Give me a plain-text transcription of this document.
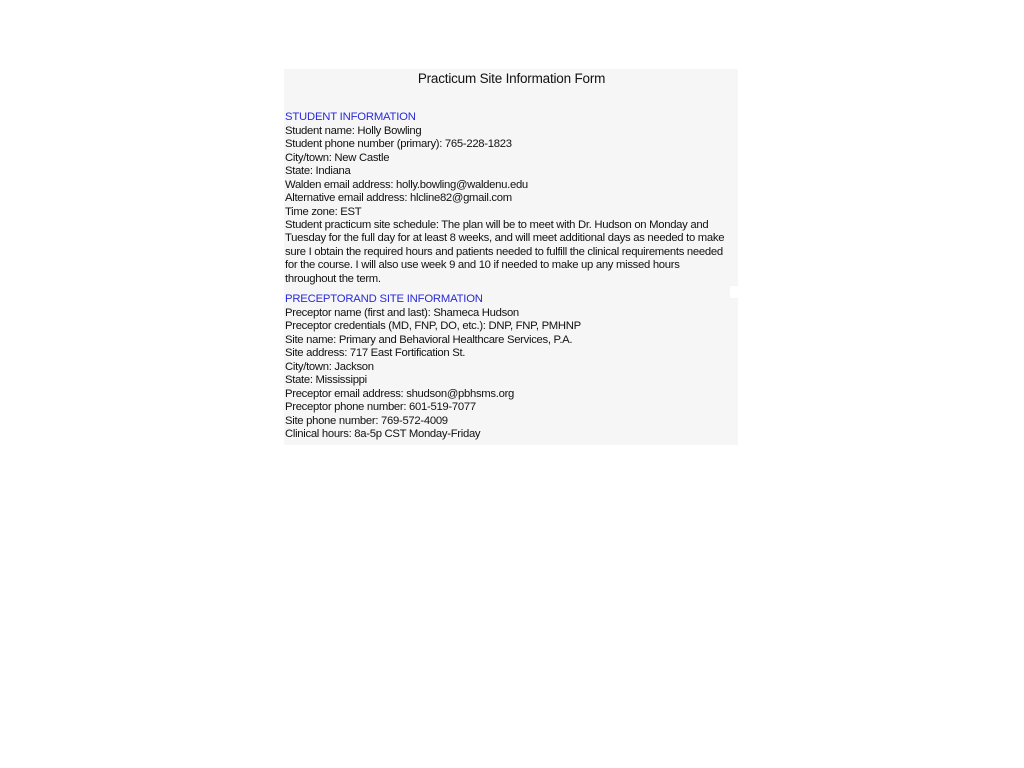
Practicum Site Information Form
STUDENT INFORMATION
Student name: Holly Bowling
Student phone number (primary): 765-228-1823
City/town: New Castle
State: Indiana
Walden email address: holly.bowling@waldenu.edu
Alternative email address: hlcline82@gmail.com
Time zone: EST
Student practicum site schedule: The plan will be to meet with Dr. Hudson on Monday and Tuesday for the full day for at least 8 weeks, and will meet additional days as needed to make sure I obtain the required hours and patients needed to fulfill the clinical requirements needed for the course. I will also use week 9 and 10 if needed to make up any missed hours throughout the term.
PRECEPTORAND SITE INFORMATION
Preceptor name (first and last): Shameca Hudson
Preceptor credentials (MD, FNP, DO, etc.): DNP, FNP, PMHNP
Site name: Primary and Behavioral Healthcare Services, P.A.
Site address: 717 East Fortification St.
City/town: Jackson
State: Mississippi
Preceptor email address: shudson@pbhsms.org
Preceptor phone number: 601-519-7077
Site phone number: 769-572-4009
Clinical hours: 8a-5p CST Monday-Friday
